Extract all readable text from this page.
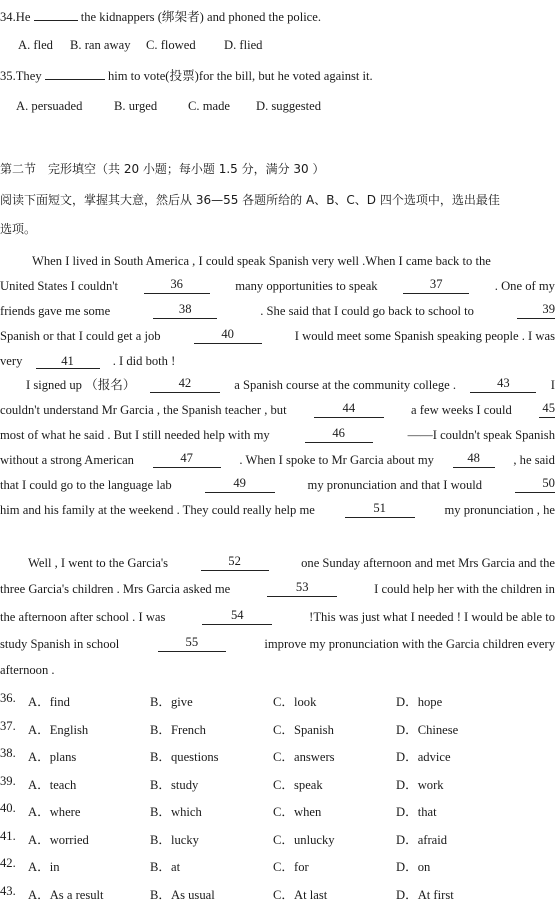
34.He	the kidnappers (绑架者) and phoned the police.
A. fled B. ran away C. flowed D. flied
35.They	him to vote(投票)for the bill, but he voted against it.
A. persuaded	B. urged C. made D. suggested
第二节　完形填空（共 20 小题；每小题 1.5 分，满分 30 ）
阅读下面短文，掌握其大意，然后从 36—55 各题所给的 A、B、C、D 四个选项中，选出最佳
选项。
When I lived in South America , I could speak Spanish very well .When I came back to the
United States I couldn't	36	many opportunities to speak	37	. One of my
friends gave me some	38	. She said that I could go back to school to	39
Spanish or that I could get a job	40	I would meet some Spanish speaking people . I was
very	41	. I did both !
I signed up （报名）	42	a Spanish course at the community college .	43	I
couldn't understand Mr Garcia , the Spanish teacher , but	44	a few weeks I could 45
most of what he said . But I still needed help with my	46	——I couldn't speak Spanish
without a strong American	47	. When I spoke to Mr Garcia about my	48	, he said
that I could go to the language lab	49	my pronunciation and that I would	50
him and his family at the weekend . They could really help me	51	my pronunciation , he
Well , I went to the Garcia's	52	one Sunday afternoon and met Mrs Garcia and the
three Garcia's children . Mrs Garcia asked me	53	I could help her with the children in
the afternoon after school . I was	54	!This was just what I needed ! I would be able to
study Spanish in school	55	improve my pronunciation with the Garcia children every
afternoon .
36. A．find	B．give	C．look	D．hope
37. A．English	B．French	C．Spanish	D．Chinese
38. A．plans	B．questions	C．answers	D．advice
39. A．teach	B．study	C．speak	D．work
40. A．where	B．which	C．when	D．that
41. A．worried	B．lucky	C．unlucky	D．afraid
42. A．in	B．at	C．for	D．on
43. A．As a result	B．As usual	C．At last	D．At first
